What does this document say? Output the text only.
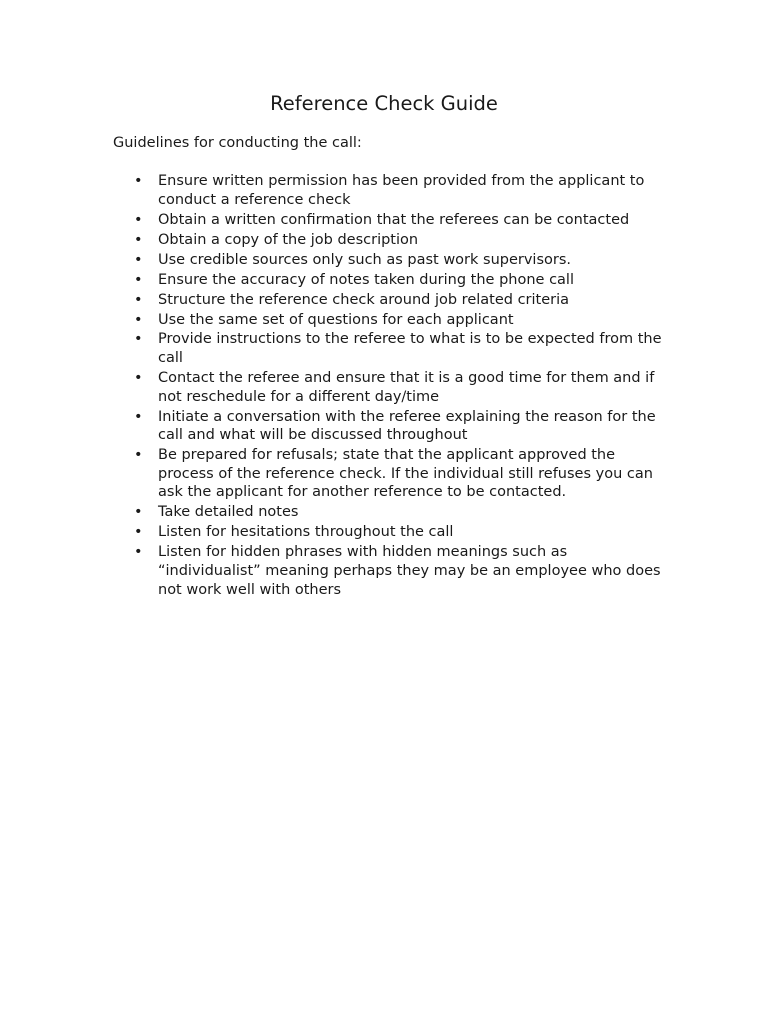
Reference Check Guide

Guidelines for conducting the call:

• Ensure written permission has been provided from the applicant to conduct a reference check
• Obtain a written confirmation that the referees can be contacted
• Obtain a copy of the job description
• Use credible sources only such as past work supervisors.
• Ensure the accuracy of notes taken during the phone call
• Structure the reference check around job related criteria
• Use the same set of questions for each applicant
• Provide instructions to the referee to what is to be expected from the call
• Contact the referee and ensure that it is a good time for them and if not reschedule for a different day/time
• Initiate a conversation with the referee explaining the reason for the call and what will be discussed throughout
• Be prepared for refusals; state that the applicant approved the process of the reference check. If the individual still refuses you can ask the applicant for another reference to be contacted.
• Take detailed notes
• Listen for hesitations throughout the call
• Listen for hidden phrases with hidden meanings such as “individualist” meaning perhaps they may be an employee who does not work well with others
